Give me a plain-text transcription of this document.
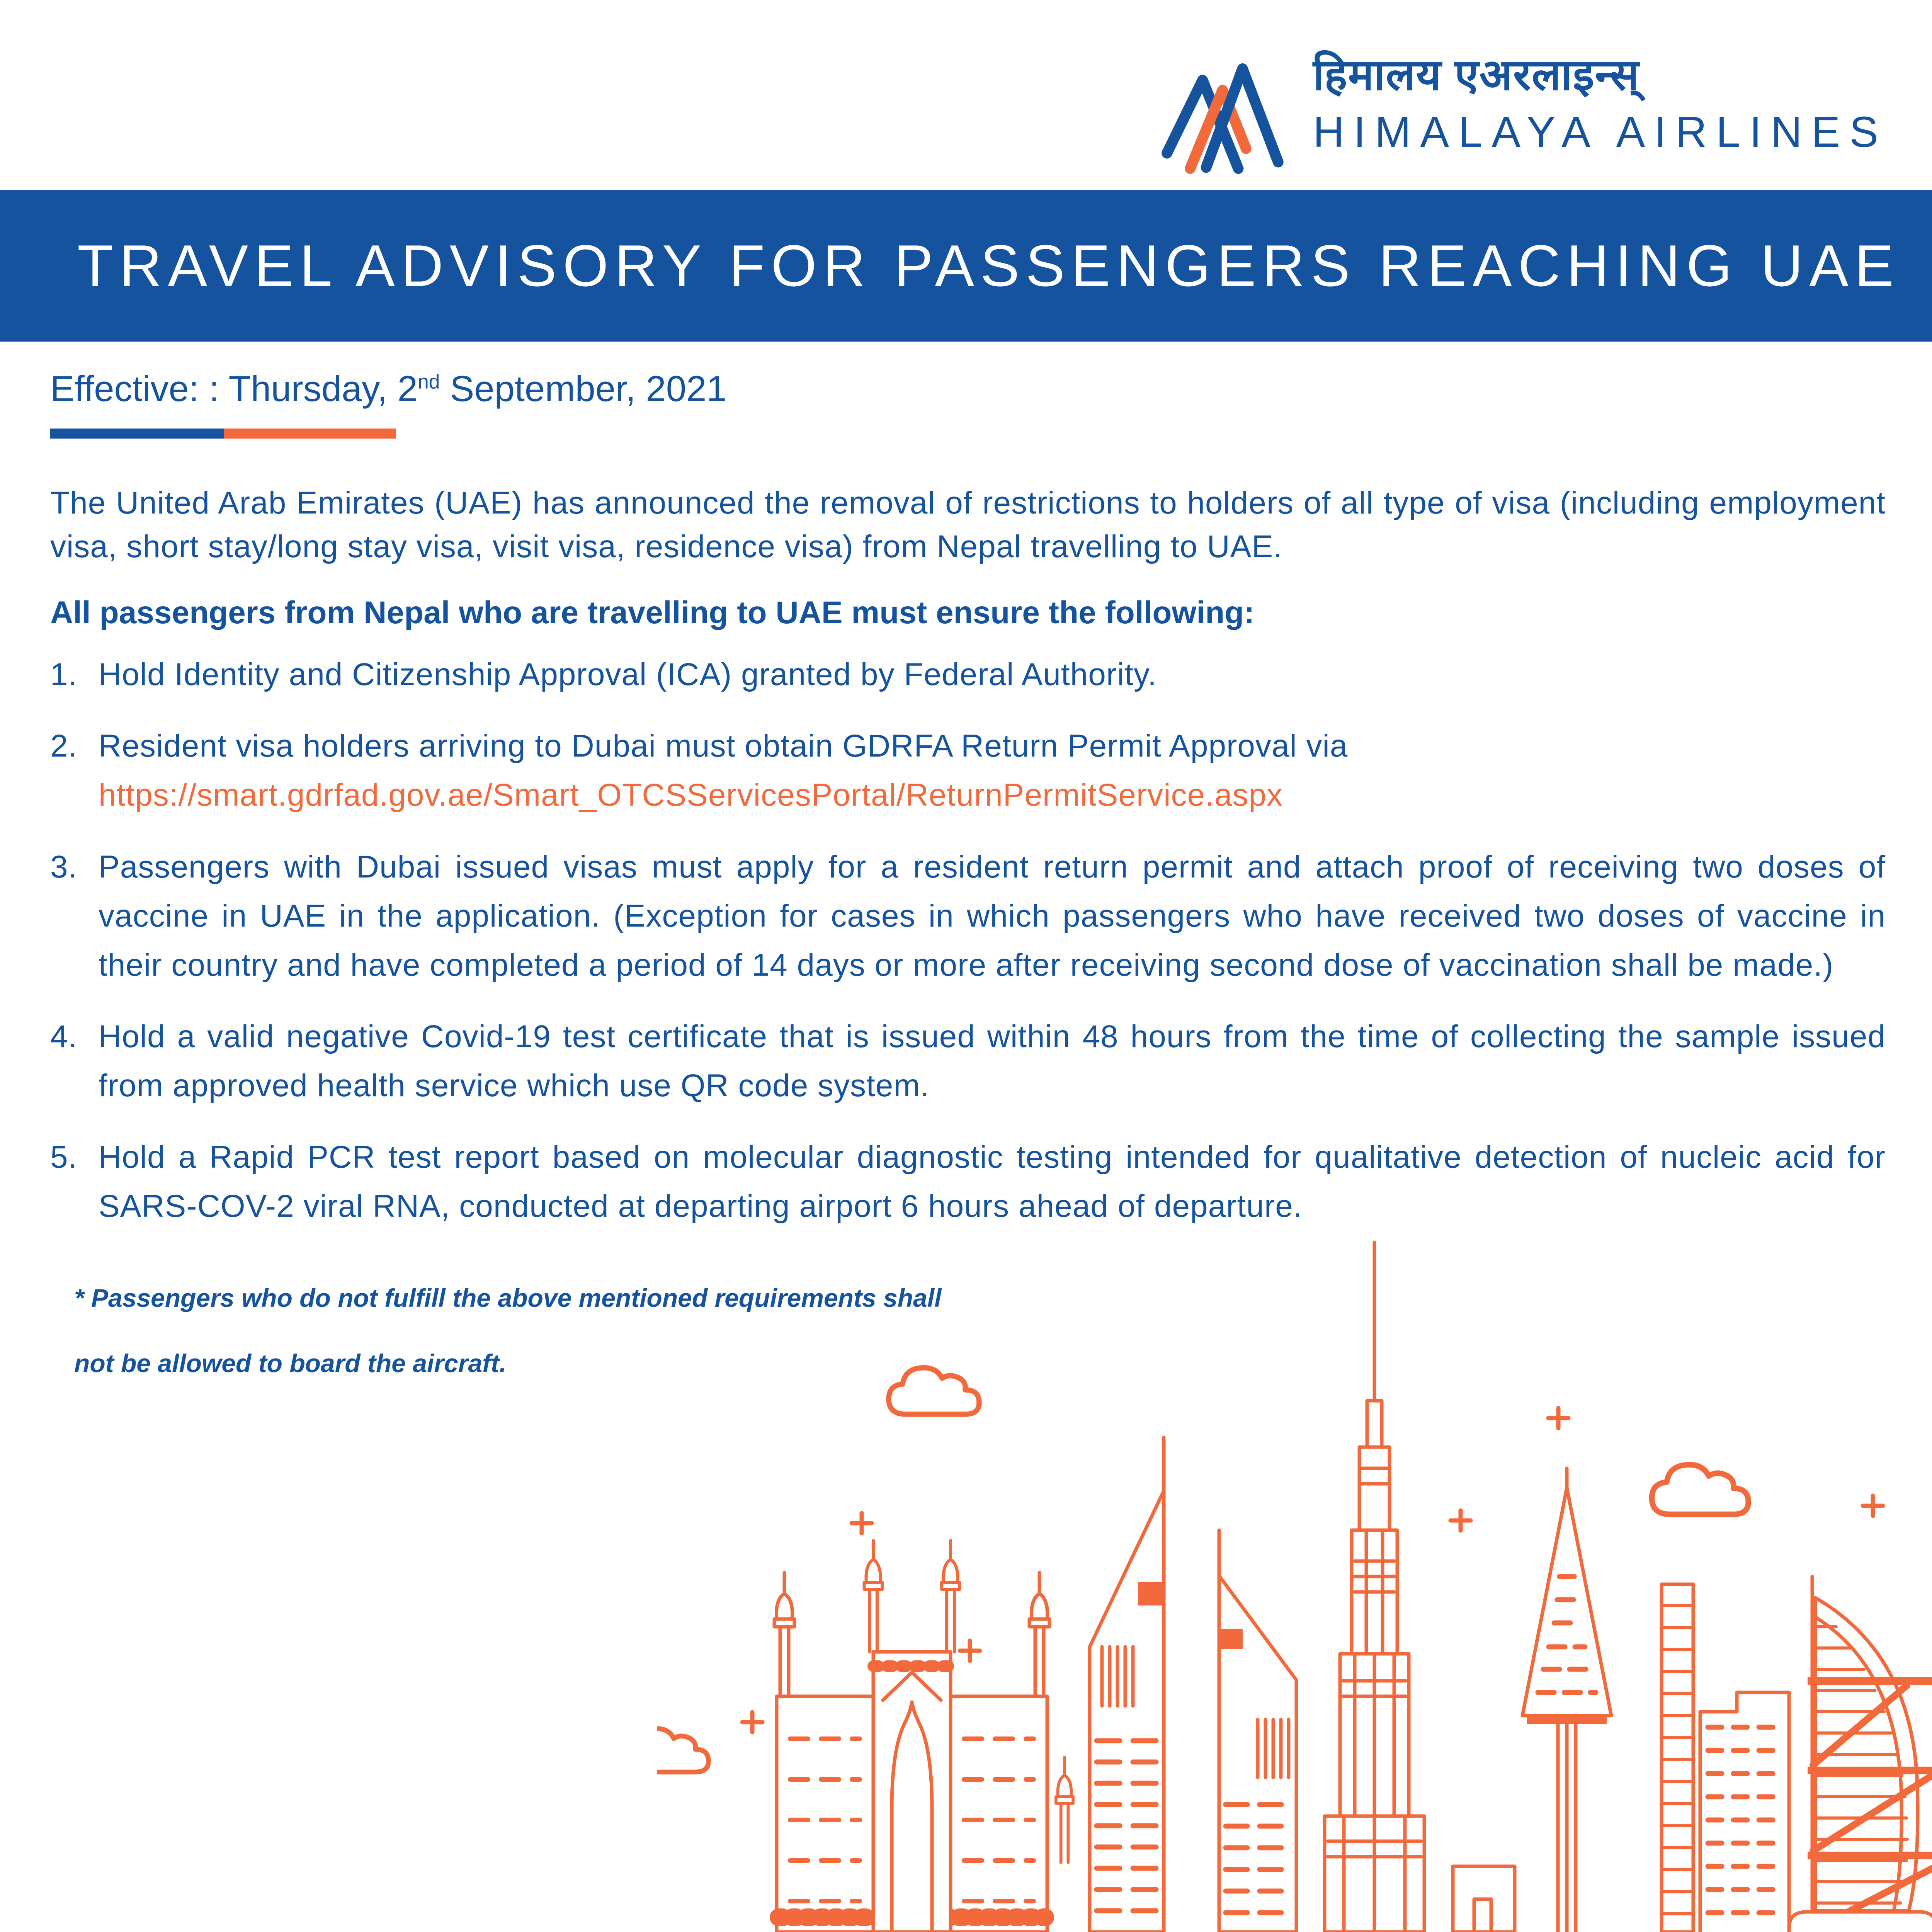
हिमालय एअरलाइन्स्
HIMALAYA AIRLINES
TRAVEL ADVISORY FOR PASSENGERS REACHING UAE

Effective: : Thursday, 2nd September, 2021

The United Arab Emirates (UAE) has announced the removal of restrictions to holders of all type of visa (including employment visa, short stay/long stay visa, visit visa, residence visa) from Nepal travelling to UAE.

All passengers from Nepal who are travelling to UAE must ensure the following:

1. Hold Identity and Citizenship Approval (ICA) granted by Federal Authority.
2. Resident visa holders arriving to Dubai must obtain GDRFA Return Permit Approval via
https://smart.gdrfad.gov.ae/Smart_OTCSServicesPortal/ReturnPermitService.aspx
3. Passengers with Dubai issued visas must apply for a resident return permit and attach proof of receiving two doses of vaccine in UAE in the application. (Exception for cases in which passengers who have received two doses of vaccine in their country and have completed a period of 14 days or more after receiving second dose of vaccination shall be made.)
4. Hold a valid negative Covid-19 test certificate that is issued within 48 hours from the time of collecting the sample issued from approved health service which use QR code system.
5. Hold a Rapid PCR test report based on molecular diagnostic testing intended for qualitative detection of nucleic acid for SARS-COV-2 viral RNA, conducted at departing airport 6 hours ahead of departure.

* Passengers who do not fulfill the above mentioned requirements shall
not be allowed to board the aircraft.
